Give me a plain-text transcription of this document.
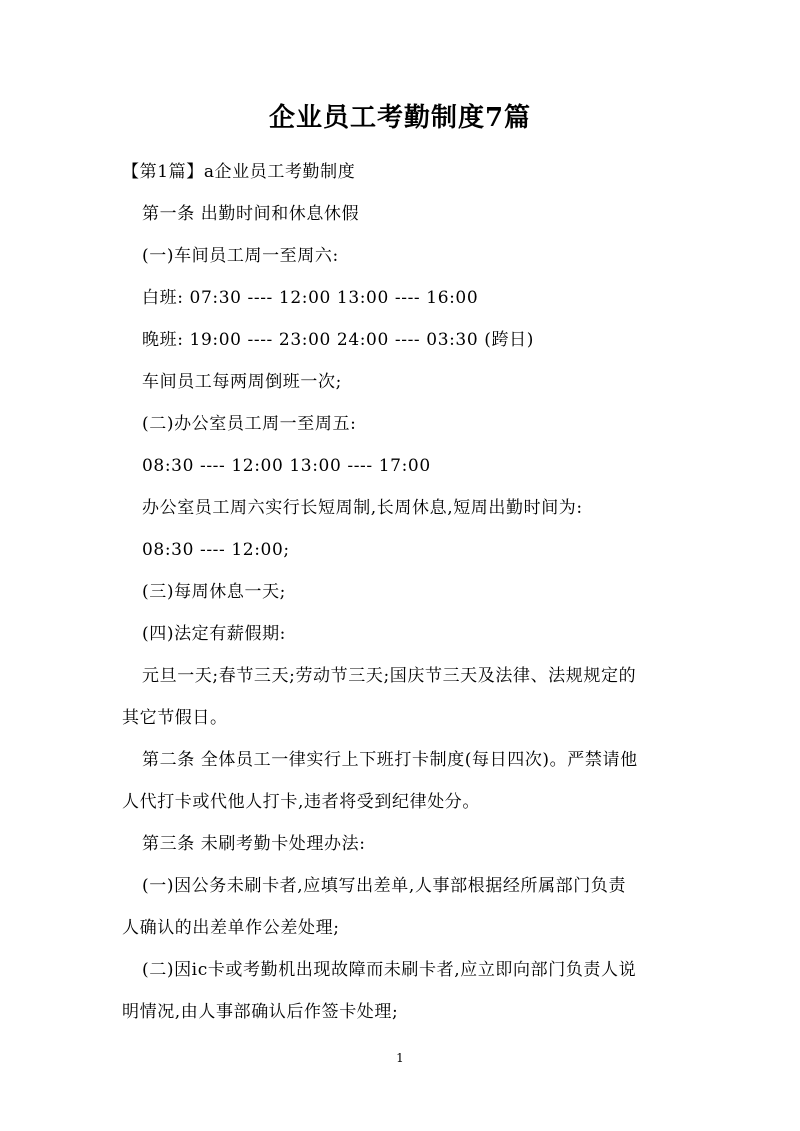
企业员工考勤制度7篇

【第1篇】a企业员工考勤制度

第一条 出勤时间和休息休假

(一)车间员工周一至周六:

白班: 07:30 ---- 12:00 13:00 ---- 16:00

晚班: 19:00 ---- 23:00 24:00 ---- 03:30 (跨日)

车间员工每两周倒班一次;

(二)办公室员工周一至周五:

08:30 ---- 12:00 13:00 ---- 17:00

办公室员工周六实行长短周制,长周休息,短周出勤时间为:

08:30 ---- 12:00;

(三)每周休息一天;

(四)法定有薪假期:

元旦一天;春节三天;劳动节三天;国庆节三天及法律、法规规定的
其它节假日。

第二条 全体员工一律实行上下班打卡制度(每日四次)。严禁请他
人代打卡或代他人打卡,违者将受到纪律处分。

第三条 未刷考勤卡处理办法:

(一)因公务未刷卡者,应填写出差单,人事部根据经所属部门负责
人确认的出差单作公差处理;

(二)因ic卡或考勤机出现故障而未刷卡者,应立即向部门负责人说
明情况,由人事部确认后作签卡处理;

1
